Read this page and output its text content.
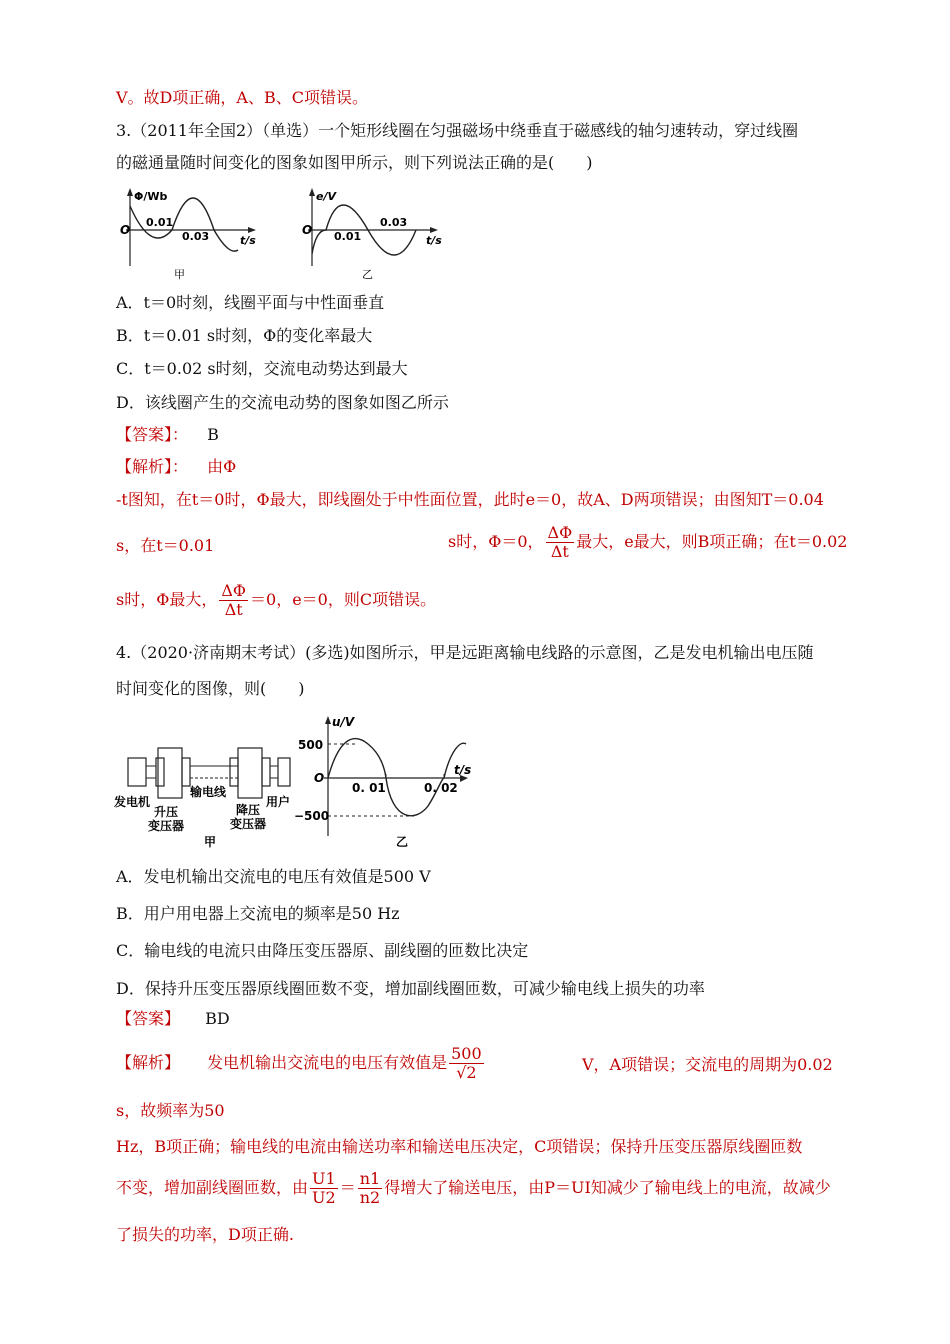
V。故D项正确，A、B、C项错误。
3.（2011年全国2）（单选）一个矩形线圈在匀强磁场中绕垂直于磁感线的轴匀速转动，穿过线圈
的磁通量随时间变化的图象如图甲所示，则下列说法正确的是(　　)
Φ/Wb
O
0.01
0.03	t/s
甲
e/V
O 0.01
0.03
t/s
乙
A．t＝0时刻，线圈平面与中性面垂直
B．t＝0.01 s时刻，Φ的变化率最大
C．t＝0.02 s时刻，交流电动势达到最大
D．该线圈产生的交流电动势的图象如图乙所示
【答案】： B
【解析】： 由Φ
-t图知，在t＝0时，Φ最大，即线圈处于中性面位置，此时e＝0，故A、D两项错误；由图知T＝0.04
s，在t＝0.01	s时，Φ＝0， $\frac{\Delta\Phi}{\Delta t}$ 最大，e最大，则B项正确；在t＝0.02
s时，Φ最大， $\frac{\Delta\Phi}{\Delta t} =0$，e＝0，则C项错误。
4.（2020·济南期末考试）(多选)如图所示，甲是远距离输电线路的示意图，乙是发电机输出电压随
时间变化的图像，则(　　)
发电机
升压
变压器
输电线
降压
变压器
用户
甲
u/V
500
O
−500
0. 01	0. 02
t/s
乙
A．发电机输出交流电的电压有效值是500 V
B．用户用电器上交流电的频率是50 Hz
C．输电线的电流只由降压变压器原、副线圈的匝数比决定
D．保持升压变压器原线圈匝数不变，增加副线圈匝数，可减少输电线上损失的功率
【答案】 BD
【解析】 发电机输出交流电的电压有效值是 $\frac{500}{√2}$	V，A项错误；交流电的周期为0.02
s，故频率为50
Hz，B项正确；输电线的电流由输送功率和输送电压决定，C项错误；保持升压变压器原线圈匝数
不变，增加副线圈匝数，由 $\frac{U1}{U2} = \frac{n1}{n2}$ 得增大了输送电压，由P＝UI知减少了输电线上的电流，故减少
了损失的功率，D项正确.
